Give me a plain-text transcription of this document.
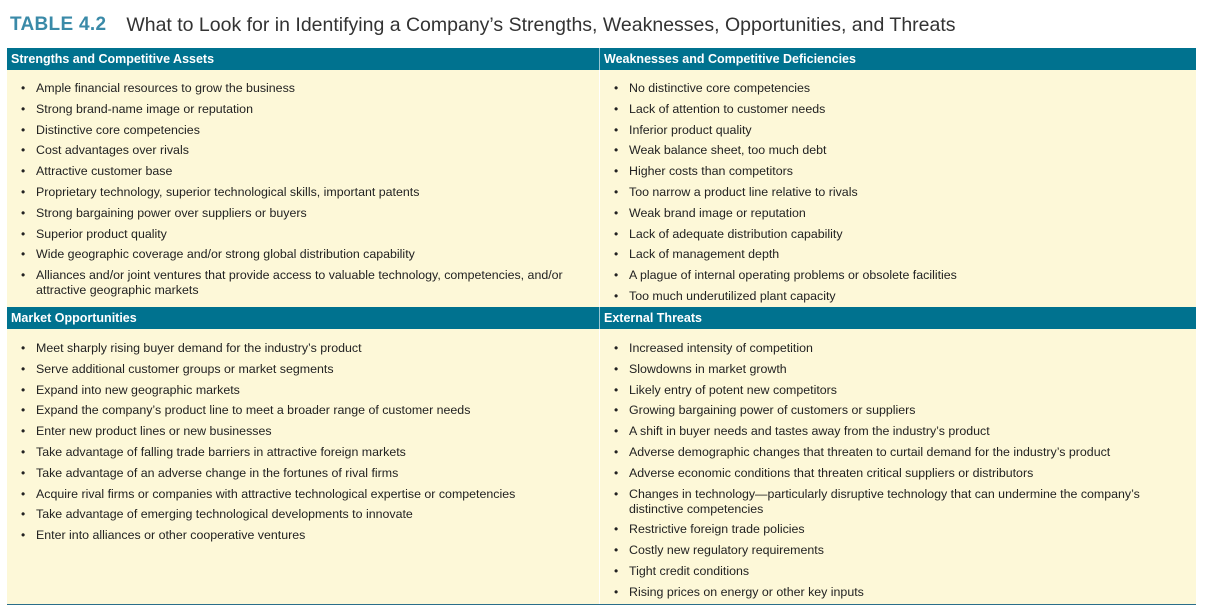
TABLE 4.2 What to Look for in Identifying a Company’s Strengths, Weaknesses, Opportunities, and Threats
Strengths and Competitive Assets	Weaknesses and Competitive Deficiencies
• Ample financial resources to grow the business
• Strong brand-name image or reputation
• Distinctive core competencies
• Cost advantages over rivals
• Attractive customer base
• Proprietary technology, superior technological skills, important patents
• Strong bargaining power over suppliers or buyers
• Superior product quality
• Wide geographic coverage and/or strong global distribution capability
• Alliances and/or joint ventures that provide access to valuable technology, competencies, and/or attractive geographic markets
• No distinctive core competencies
• Lack of attention to customer needs
• Inferior product quality
• Weak balance sheet, too much debt
• Higher costs than competitors
• Too narrow a product line relative to rivals
• Weak brand image or reputation
• Lack of adequate distribution capability
• Lack of management depth
• A plague of internal operating problems or obsolete facilities
• Too much underutilized plant capacity
Market Opportunities	External Threats
• Meet sharply rising buyer demand for the industry’s product
• Serve additional customer groups or market segments
• Expand into new geographic markets
• Expand the company’s product line to meet a broader range of customer needs
• Enter new product lines or new businesses
• Take advantage of falling trade barriers in attractive foreign markets
• Take advantage of an adverse change in the fortunes of rival firms
• Acquire rival firms or companies with attractive technological expertise or competencies
• Take advantage of emerging technological developments to innovate
• Enter into alliances or other cooperative ventures
• Increased intensity of competition
• Slowdowns in market growth
• Likely entry of potent new competitors
• Growing bargaining power of customers or suppliers
• A shift in buyer needs and tastes away from the industry’s product
• Adverse demographic changes that threaten to curtail demand for the industry’s product
• Adverse economic conditions that threaten critical suppliers or distributors
• Changes in technology—particularly disruptive technology that can undermine the company’s distinctive competencies
• Restrictive foreign trade policies
• Costly new regulatory requirements
• Tight credit conditions
• Rising prices on energy or other key inputs
